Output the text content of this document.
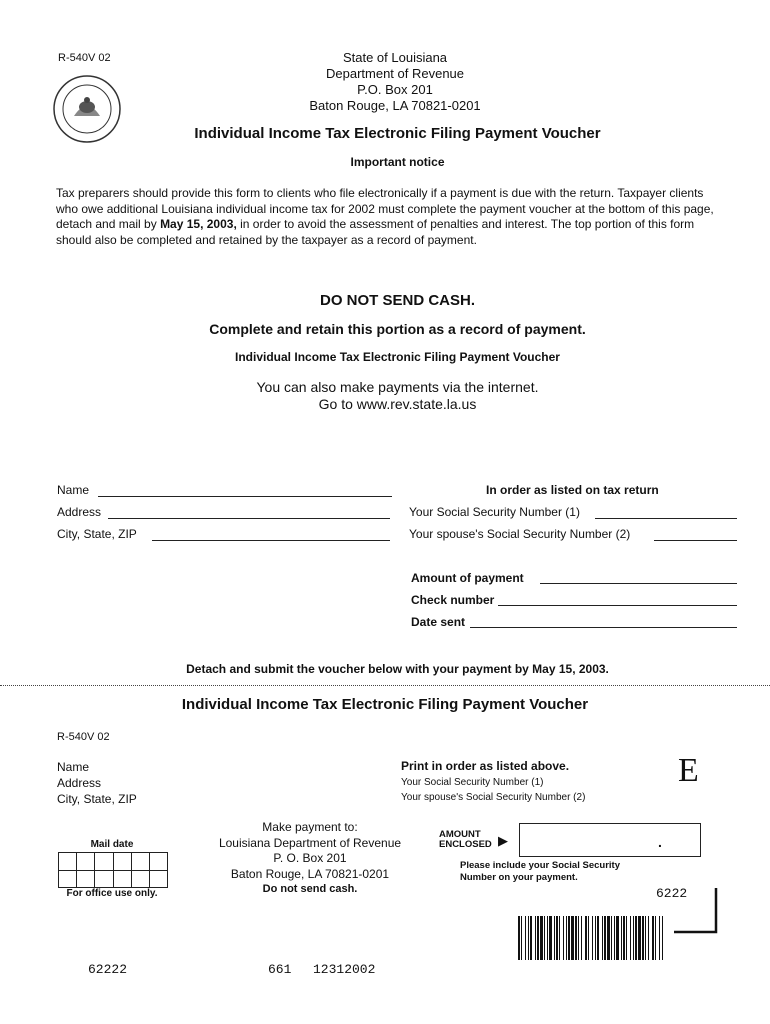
R-540V 02	State of Louisiana
Department of Revenue
P.O. Box 201
Baton Rouge, LA 70821-0201
Individual Income Tax Electronic Filing Payment Voucher
Important notice
Tax preparers should provide this form to clients who file electronically if a payment is due with the return. Taxpayer clients who owe additional Louisiana individual income tax for 2002 must complete the payment voucher at the bottom of this page, detach and mail by May 15, 2003, in order to avoid the assessment of penalties and interest. The top portion of this form should also be completed and retained by the taxpayer as a record of payment.
DO NOT SEND CASH.
Complete and retain this portion as a record of payment.
Individual Income Tax Electronic Filing Payment Voucher
You can also make payments via the internet.
Go to www.rev.state.la.us
Name
Address
City, State, ZIP
In order as listed on tax return
Your Social Security Number (1)
Your spouse's Social Security Number (2)
Amount of payment
Check number
Date sent
Detach and submit the voucher below with your payment by May 15, 2003.
Individual Income Tax Electronic Filing Payment Voucher
R-540V 02
Name
Address
City, State, ZIP
Print in order as listed above.
Your Social Security Number (1)
Your spouse's Social Security Number (2)
E
Mail date
For office use only.
Make payment to:
Louisiana Department of Revenue
P. O. Box 201
Baton Rouge, LA 70821-0201
Do not send cash.
AMOUNT
ENCLOSED ▶	.
Please include your Social Security
Number on your payment.
6222
62222	661 12312002
